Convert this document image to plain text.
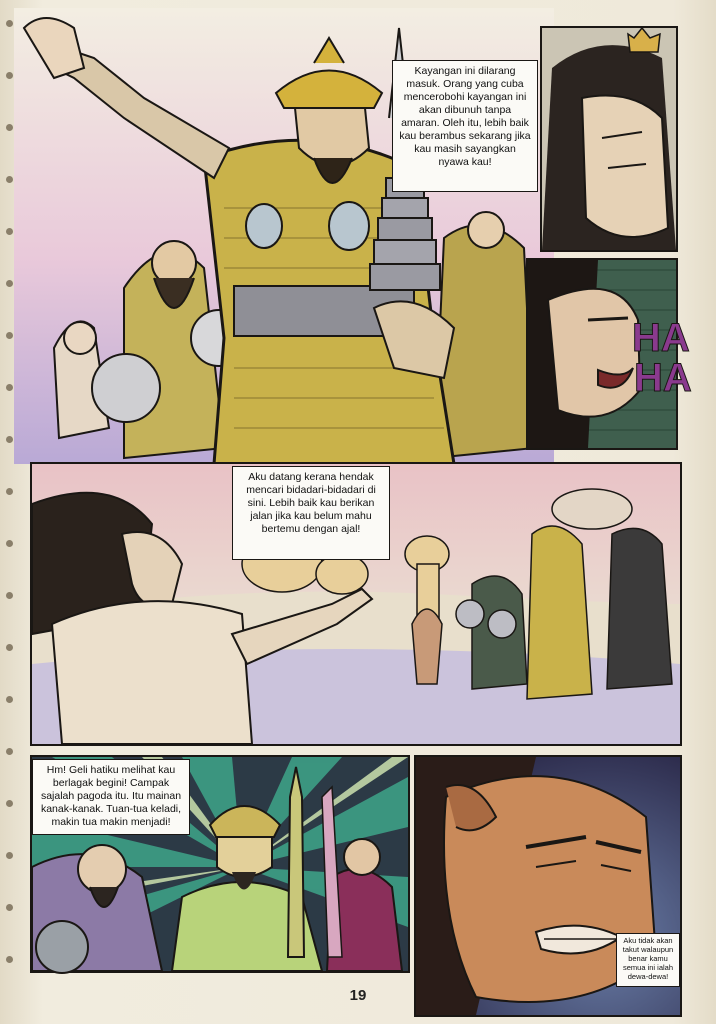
Kayangan ini dilarang masuk. Orang yang cuba mencerobohi kayangan ini akan dibunuh tanpa amaran. Oleh itu, lebih baik kau berambus sekarang jika kau masih sayangkan nyawa kau!
HA
HA
Aku datang kerana hendak mencari bidadari-bidadari di sini. Lebih baik kau berikan jalan jika kau belum mahu bertemu dengan ajal!
Hm! Geli hatiku melihat kau berlagak begini! Campak sajalah pagoda itu. Itu mainan kanak-kanak. Tuan-tua keladi, makin tua makin menjadi!
Aku tidak akan takut walaupun benar kamu semua ini ialah dewa-dewa!
19
